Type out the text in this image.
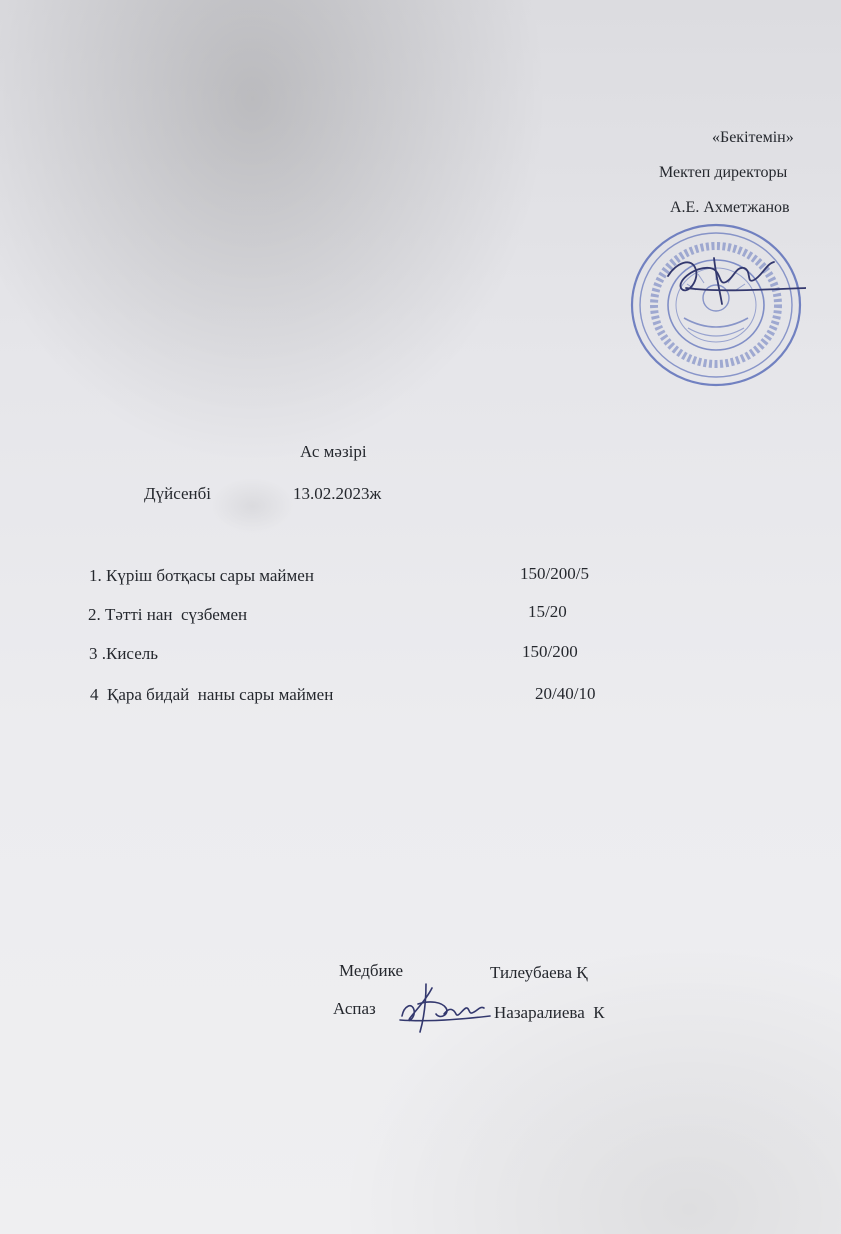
«Бекітемін»
Мектеп директоры
А.Е. Ахметжанов
Ас мәзірі
Дүйсенбі	13.02.2023ж
1. Күріш ботқасы сары маймен	150/200/5
2. Тәтті нан  сүзбемен	15/20
3 .Кисель	150/200
4  Қара бидай  наны сары маймен	20/40/10
Медбике	Тилеубаева Қ
Аспаз	Назаралиева  К
